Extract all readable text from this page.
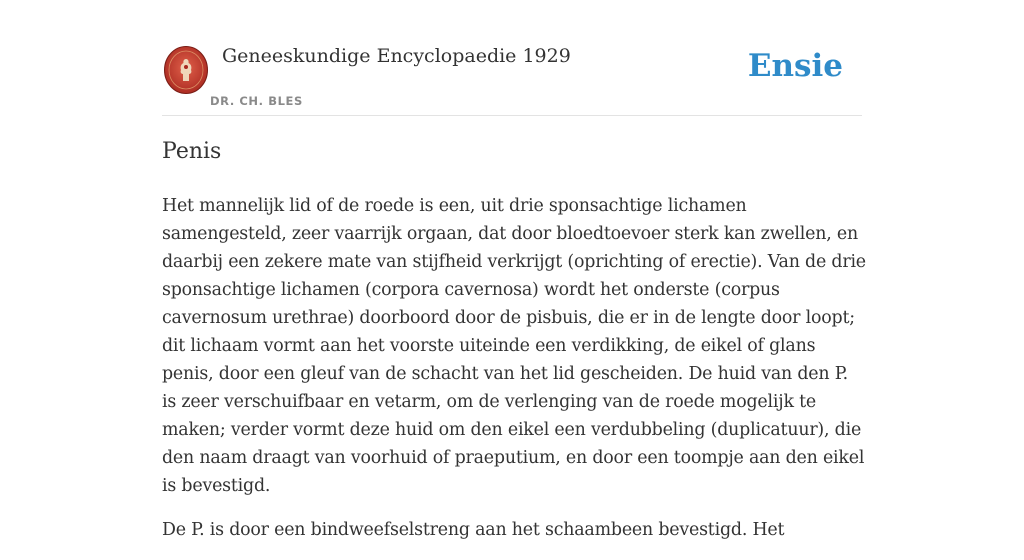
Geneeskundige Encyclopaedie 1929
DR. CH. BLES
Ensie
Penis

Het mannelijk lid of de roede is een, uit drie sponsachtige lichamen samengesteld, zeer vaarrijk orgaan, dat door bloedtoevoer sterk kan zwellen, en daarbij een zekere mate van stijfheid verkrijgt (oprichting of erectie). Van de drie sponsachtige lichamen (corpora cavernosa) wordt het onderste (corpus cavernosum urethrae) doorboord door de pisbuis, die er in de lengte door loopt; dit lichaam vormt aan het voorste uiteinde een verdikking, de eikel of glans penis, door een gleuf van de schacht van het lid gescheiden. De huid van den P. is zeer verschuifbaar en vetarm, om de verlenging van de roede mogelijk te maken; verder vormt deze huid om den eikel een verdubbeling (duplicatuur), die den naam draagt van voorhuid of praeputium, en door een toompje aan den eikel is bevestigd.

De P. is door een bindweefselstreng aan het schaambeen bevestigd. Het
